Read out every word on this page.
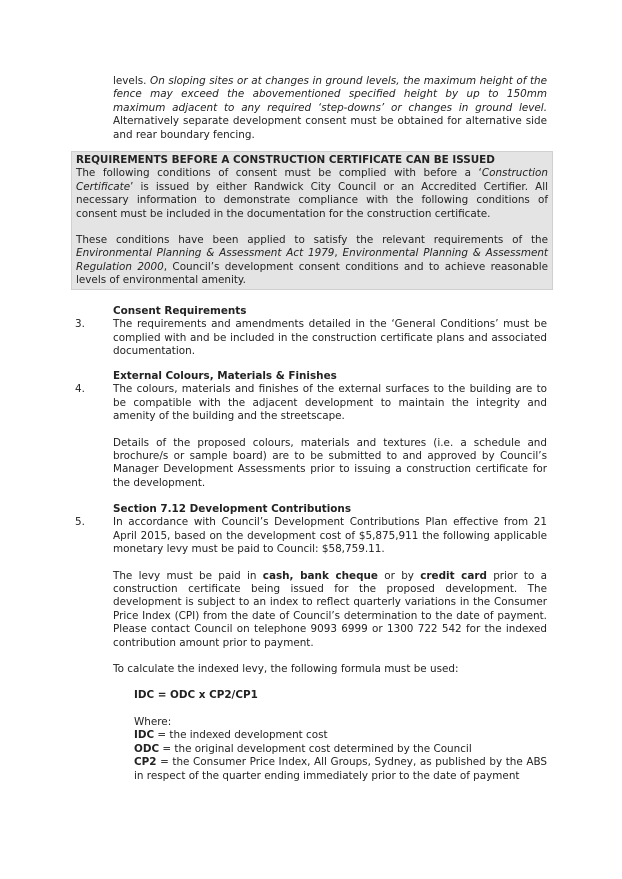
levels. On sloping sites or at changes in ground levels, the maximum height of the fence may exceed the abovementioned specified height by up to 150mm maximum adjacent to any required ‘step-downs’ or changes in ground level. Alternatively separate development consent must be obtained for alternative side and rear boundary fencing.

REQUIREMENTS BEFORE A CONSTRUCTION CERTIFICATE CAN BE ISSUED

The following conditions of consent must be complied with before a ‘Construction Certificate’ is issued by either Randwick City Council or an Accredited Certifier. All necessary information to demonstrate compliance with the following conditions of consent must be included in the documentation for the construction certificate.

These conditions have been applied to satisfy the relevant requirements of the Environmental Planning & Assessment Act 1979, Environmental Planning & Assessment Regulation 2000, Council’s development consent conditions and to achieve reasonable levels of environmental amenity.

Consent Requirements

The requirements and amendments detailed in the ‘General Conditions’ must be complied with and be included in the construction certificate plans and associated documentation.

3.
External Colours, Materials & Finishes

The colours, materials and finishes of the external surfaces to the building are to be compatible with the adjacent development to maintain the integrity and amenity of the building and the streetscape.

Details of the proposed colours, materials and textures (i.e. a schedule and brochure/s or sample board) are to be submitted to and approved by Council’s Manager Development Assessments prior to issuing a construction certificate for the development.

4.
Section 7.12 Development Contributions

In accordance with Council’s Development Contributions Plan effective from 21 April 2015, based on the development cost of $5,875,911 the following applicable monetary levy must be paid to Council: $58,759.11.

The levy must be paid in cash, bank cheque or by credit card prior to a construction certificate being issued for the proposed development. The development is subject to an index to reflect quarterly variations in the Consumer Price Index (CPI) from the date of Council’s determination to the date of payment. Please contact Council on telephone 9093 6999 or 1300 722 542 for the indexed contribution amount prior to payment.

To calculate the indexed levy, the following formula must be used:

IDC = ODC x CP2/CP1
Where:

IDC = the indexed development cost

ODC = the original development cost determined by the Council

CP2 = the Consumer Price Index, All Groups, Sydney, as published by the ABS in respect of the quarter ending immediately prior to the date of payment

5.
